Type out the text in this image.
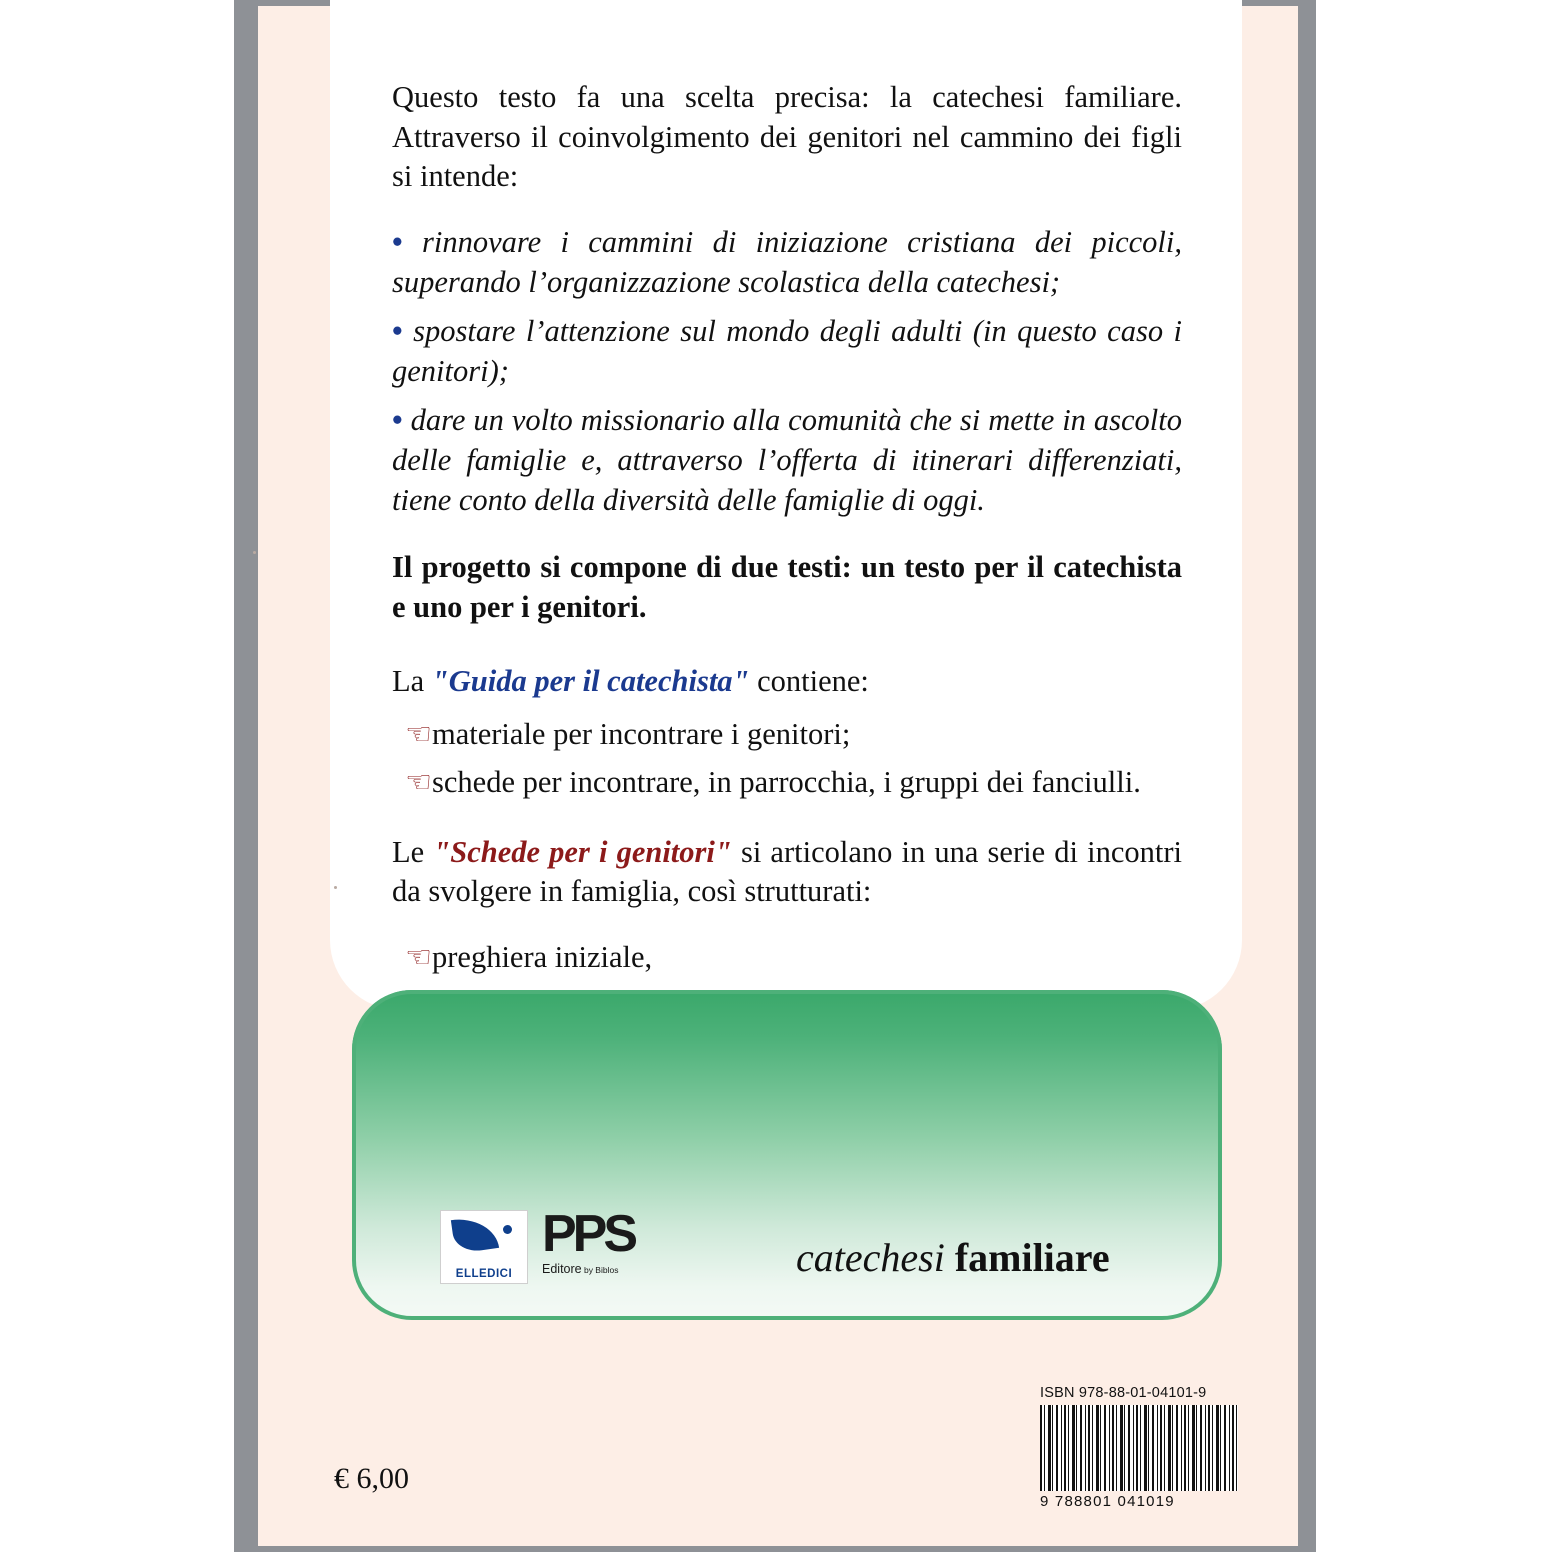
Questo testo fa una scelta precisa: la catechesi familiare. Attraverso il coinvolgimento dei genitori nel cammino dei figli si intende:

• rinnovare i cammini di iniziazione cristiana dei piccoli, superando l’organizzazione scolastica della catechesi;

• spostare l’attenzione sul mondo degli adulti (in questo caso i genitori);

• dare un volto missionario alla comunità che si mette in ascolto delle famiglie e, attraverso l’offerta di itinerari differenziati, tiene conto della diversità delle famiglie di oggi.

Il progetto si compone di due testi: un testo per il catechista e uno per i genitori.

La "Guida per il catechista" contiene:

☞ materiale per incontrare i genitori;
☞ schede per incontrare, in parrocchia, i gruppi dei fanciulli.

Le "Schede per i genitori" si articolano in una serie di incontri da svolgere in famiglia, così strutturati:

☞ preghiera iniziale,
ELLEDICI
PPS
Editore by Biblos	catechesi familiare
€ 6,00
ISBN 978-88-01-04101-9
9 788801 041019
